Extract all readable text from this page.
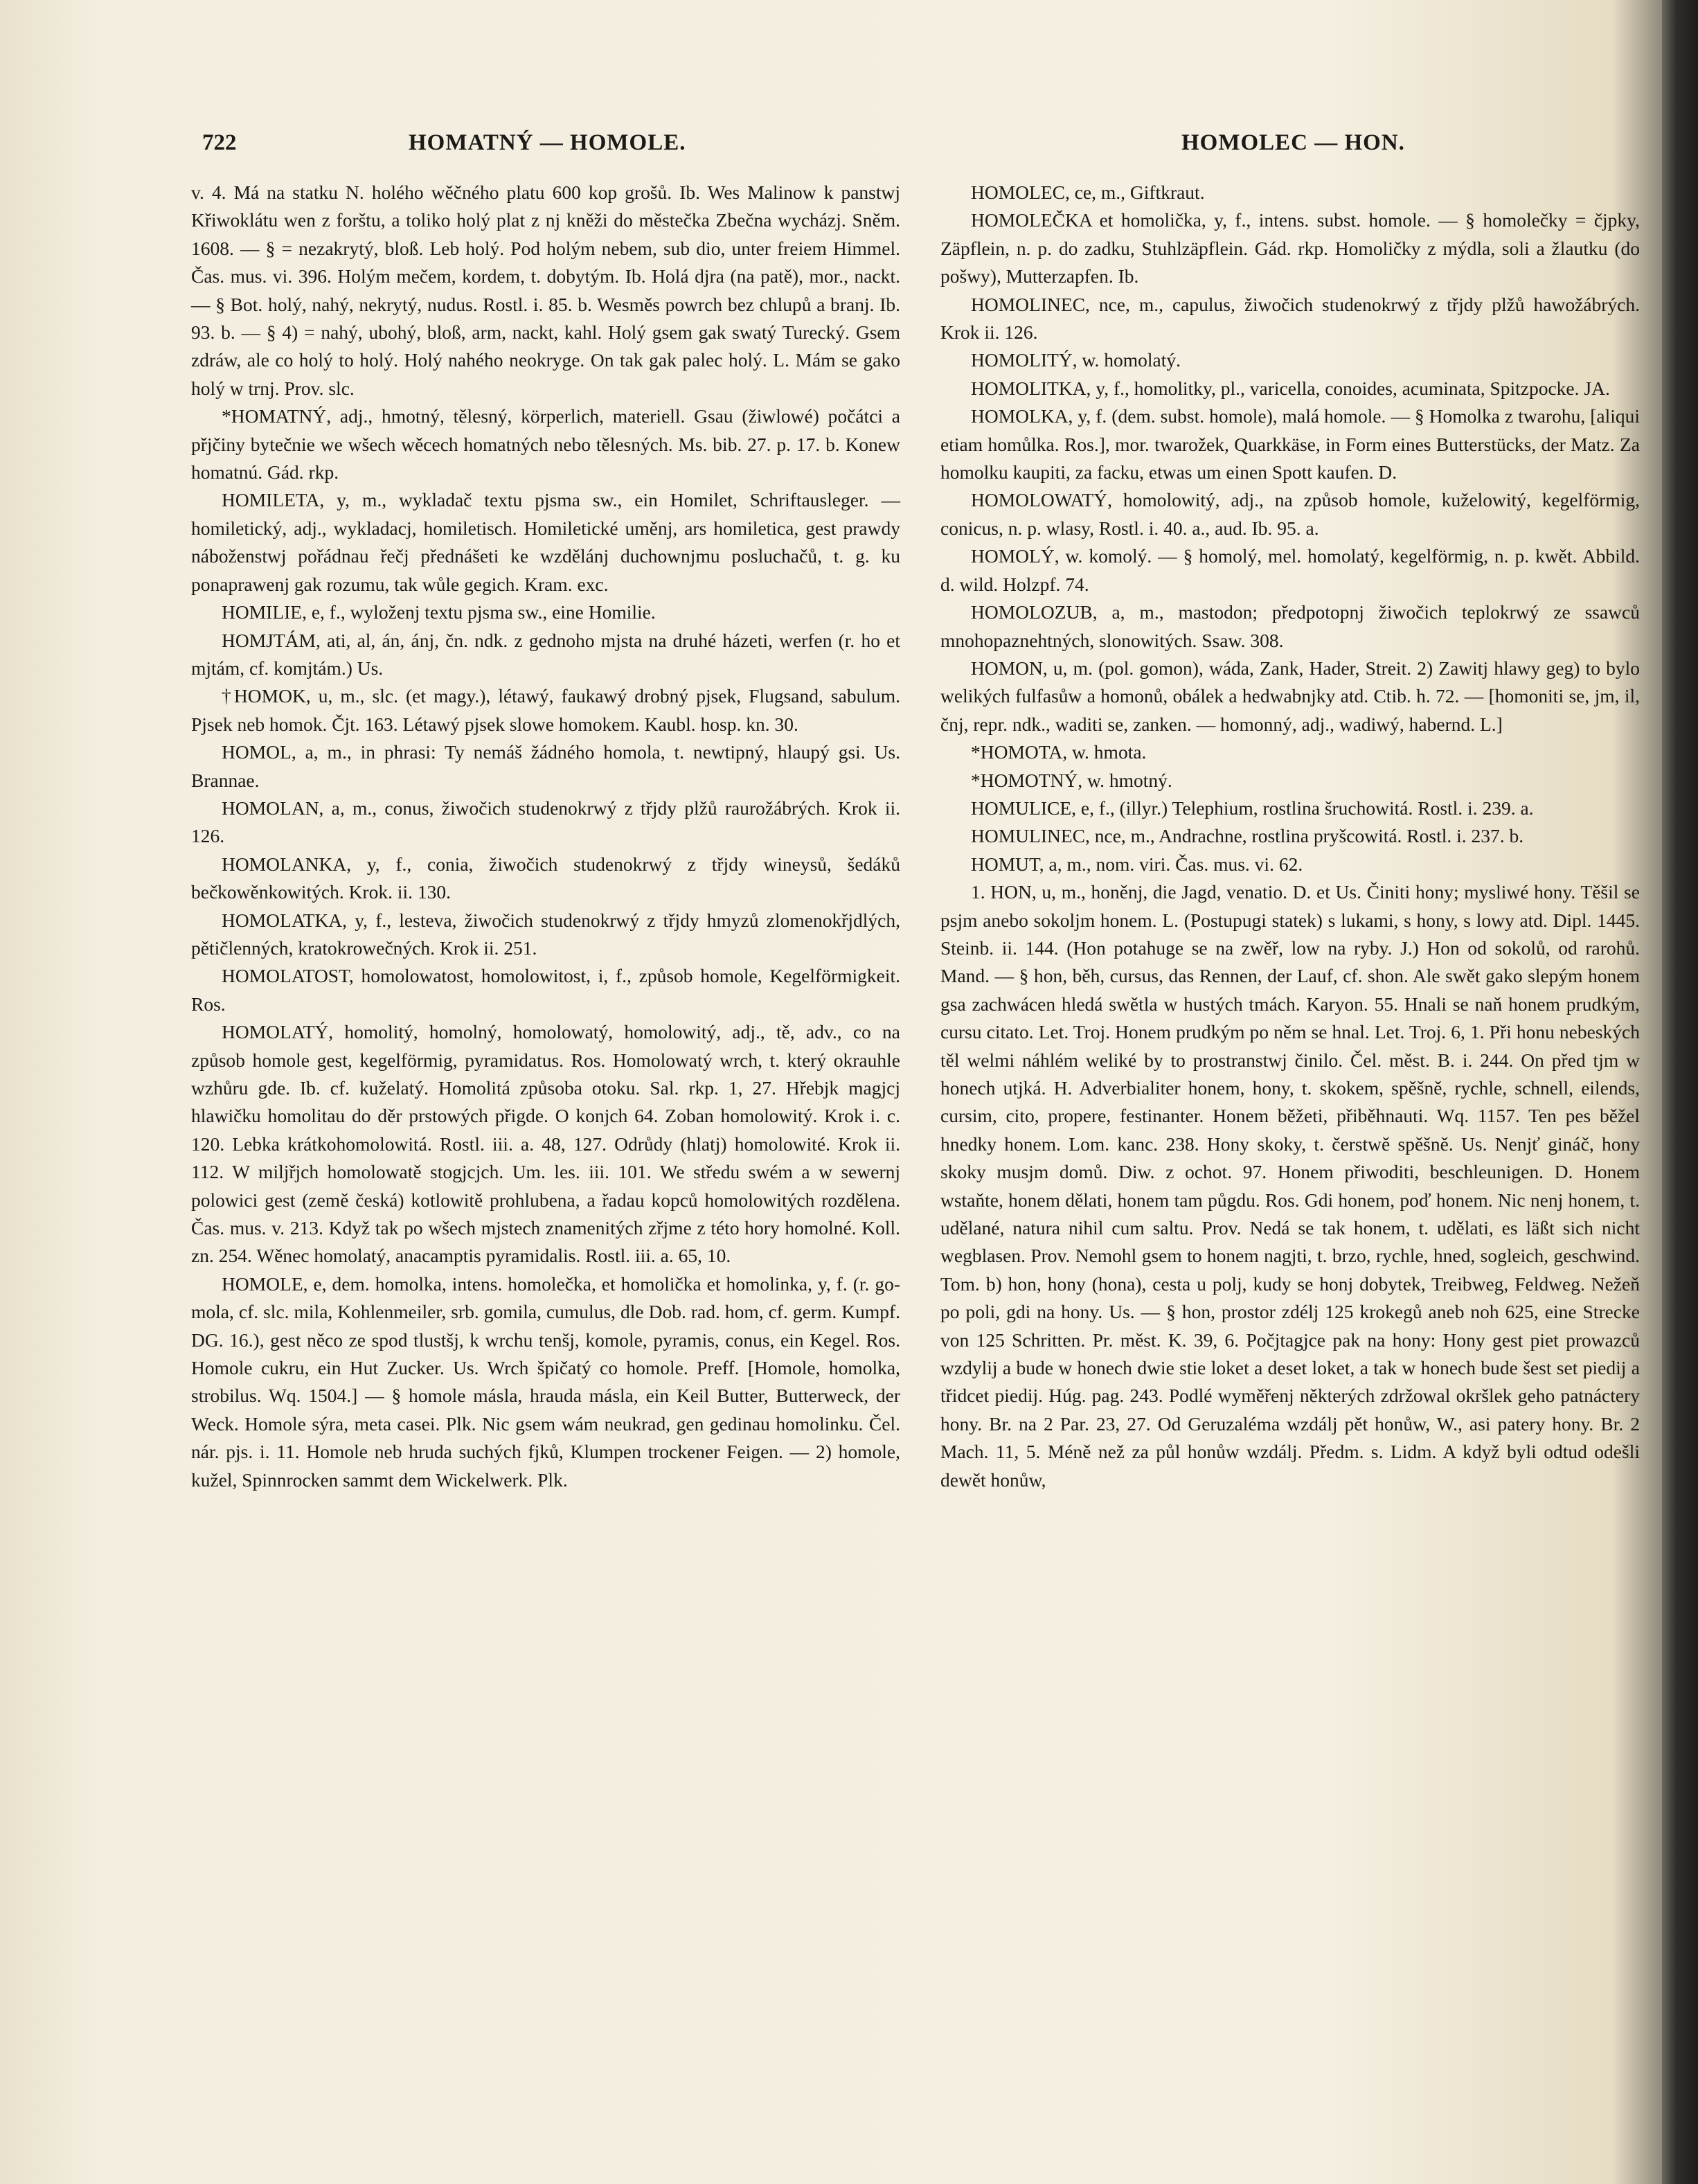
722	HOMATNÝ — HOMOLE.	HOMOLEC — HON.

v. 4. Má na statku N. holého wěčného platu 600 kop grošů. Ib. Wes Malinow k panstwj Křiwoklátu wen z forštu, a toliko holý plat z nj kněži do městečka Zbečna wycházj. Sněm. 1608. — § = nezakrytý, bloß. Leb holý. Pod holým nebem, sub dio, unter freiem Himmel. Čas. mus. vi. 396. Holým mečem, kordem, t. dobytým. Ib. Holá djra (na patě), mor., nackt. — § Bot. holý, nahý, nekrytý, nudus. Rostl. i. 85. b. Wesměs powrch bez chlupů a branj. Ib. 93. b. — § 4) = nahý, ubohý, bloß, arm, nackt, kahl. Holý gsem gak swatý Turecký. Gsem zdráw, ale co holý to holý. Holý nahého neokryge. On tak gak palec holý. L. Mám se gako holý w trnj. Prov. slc.

*HOMATNÝ, adj., hmotný, tělesný, körperlich, materiell. Gsau (žiwlowé) počátci a přjčiny bytečnie we wšech wěcech homatných nebo tělesných. Ms. bib. 27. p. 17. b. Konew homatnú. Gád. rkp.

HOMILETA, y, m., wykladač textu pjsma sw., ein Homilet, Schriftausleger. — homiletický, adj., wykladacj, homiletisch. Homiletické uměnj, ars homiletica, gest prawdy náboženstwj pořádnau řečj přednášeti ke wzdělánj duchownjmu posluchačů, t. g. ku ponaprawenj gak rozumu, tak wůle gegich. Kram. exc.

HOMILIE, e, f., wyloženj textu pjsma sw., eine Homilie.

HOMJTÁM, ati, al, án, ánj, čn. ndk. z gednoho mjsta na druhé házeti, werfen (r. ho et mjtám, cf. komjtám.) Us.

†HOMOK, u, m., slc. (et magy.), létawý, faukawý drobný pjsek, Flugsand, sabulum. Pjsek neb homok. Čjt. 163. Létawý pjsek slowe homokem. Kaubl. hosp. kn. 30.

HOMOL, a, m., in phrasi: Ty nemáš žádného homola, t. newtipný, hlaupý gsi. Us. Brannae.

HOMOLAN, a, m., conus, žiwočich studenokrwý z třjdy plžů raurožábrých. Krok ii. 126.

HOMOLANKA, y, f., conia, žiwočich studenokrwý z třjdy wineysů, šedáků bečkowěnkowitých. Krok. ii. 130.

HOMOLATKA, y, f., lesteva, žiwočich studenokrwý z třjdy hmyzů zlomenokřjdlých, pětičlenných, kratokrowečných. Krok ii. 251.

HOMOLATOST, homolowatost, homolowitost, i, f., způsob homole, Kegelförmigkeit. Ros.

HOMOLATÝ, homolitý, homolný, homolowatý, homolowitý, adj., tě, adv., co na způsob homole gest, kegelförmig, pyramidatus. Ros. Homolowatý wrch, t. který okrauhle wzhůru gde. Ib. cf. kuželatý. Homolitá způsoba otoku. Sal. rkp. 1, 27. Hřebjk magjcj hlawičku homolitau do děr prstowých přigde. O konjch 64. Zoban homolowitý. Krok i. c. 120. Lebka krátkohomolowitá. Rostl. iii. a. 48, 127. Odrůdy (hlatj) homolowité. Krok ii. 112. W miljřjch homolowatě stogjcjch. Um. les. iii. 101. We středu swém a w sewernj polowici gest (země česká) kotlowitě prohlubena, a řadau kopců homolowitých rozdělena. Čas. mus. v. 213. Když tak po wšech mjstech znamenitých zřjme z této hory homolné. Koll. zn. 254. Wěnec homolatý, anacamptis pyramidalis. Rostl. iii. a. 65, 10.

HOMOLE, e, dem. homolka, intens. homolečka, et homolička et homolinka, y, f. (r. go-mola, cf. slc. mila, Kohlenmeiler, srb. gomila, cumulus, dle Dob. rad. hom, cf. germ. Kumpf. DG. 16.), gest něco ze spod tlustšj, k wrchu tenšj, komole, pyramis, conus, ein Kegel. Ros. Homole cukru, ein Hut Zucker. Us. Wrch špičatý co homole. Preff. [Homole, homolka, strobilus. Wq. 1504.] — § homole másla, hrauda másla, ein Keil Butter, Butterweck, der Weck. Homole sýra, meta casei. Plk. Nic gsem wám neukrad, gen gedinau homolinku. Čel. nár. pjs. i. 11. Homole neb hruda suchých fjků, Klumpen trockener Feigen. — 2) homole, kužel, Spinnrocken sammt dem Wickelwerk. Plk.

HOMOLEC, ce, m., Giftkraut.

HOMOLEČKA et homolička, y, f., intens. subst. homole. — § homolečky = čjpky, Zäpflein, n. p. do zadku, Stuhlzäpflein. Gád. rkp. Homoličky z mýdla, soli a žlautku (do pošwy), Mutterzapfen. Ib.

HOMOLINEC, nce, m., capulus, žiwočich studenokrwý z třjdy plžů hawožábrých. Krok ii. 126.

HOMOLITÝ, w. homolatý.

HOMOLITKA, y, f., homolitky, pl., varicella, conoides, acuminata, Spitzpocke. JA.

HOMOLKA, y, f. (dem. subst. homole), malá homole. — § Homolka z twarohu, [aliqui etiam homůlka. Ros.], mor. twarožek, Quarkkäse, in Form eines Butterstücks, der Matz. Za homolku kaupiti, za facku, etwas um einen Spott kaufen. D.

HOMOLOWATÝ, homolowitý, adj., na způsob homole, kuželowitý, kegelförmig, conicus, n. p. wlasy, Rostl. i. 40. a., aud. Ib. 95. a.

HOMOLÝ, w. komolý. — § homolý, mel. homolatý, kegelförmig, n. p. kwět. Abbild. d. wild. Holzpf. 74.

HOMOLOZUB, a, m., mastodon; předpotopnj žiwočich teplokrwý ze ssawců mnohopaznehtných, slonowitých. Ssaw. 308.

HOMON, u, m. (pol. gomon), wáda, Zank, Hader, Streit. 2) Zawitj hlawy geg) to bylo welikých fulfasůw a homonů, obálek a hedwabnjky atd. Ctib. h. 72. — [homoniti se, jm, il, čnj, repr. ndk., waditi se, zanken. — homonný, adj., wadiwý, habernd. L.]

*HOMOTA, w. hmota.

*HOMOTNÝ, w. hmotný.

HOMULICE, e, f., (illyr.) Telephium, rostlina šruchowitá. Rostl. i. 239. a.

HOMULINEC, nce, m., Andrachne, rostlina pryšcowitá. Rostl. i. 237. b.

HOMUT, a, m., nom. viri. Čas. mus. vi. 62.

1. HON, u, m., honěnj, die Jagd, venatio. D. et Us. Činiti hony; mysliwé hony. Těšil se psjm anebo sokoljm honem. L. (Postupugi statek) s lukami, s hony, s lowy atd. Dipl. 1445. Steinb. ii. 144. (Hon potahuge se na zwěř, low na ryby. J.) Hon od sokolů, od rarohů. Mand. — § hon, běh, cursus, das Rennen, der Lauf, cf. shon. Ale swět gako slepým honem gsa zachwácen hledá swětla w hustých tmách. Karyon. 55. Hnali se naň honem prudkým, cursu citato. Let. Troj. Honem prudkým po něm se hnal. Let. Troj. 6, 1. Při honu nebeských těl welmi náhlém weliké by to prostranstwj činilo. Čel. měst. B. i. 244. On před tjm w honech utjká. H. Adverbialiter honem, hony, t. skokem, spěšně, rychle, schnell, eilends, cursim, cito, propere, festinanter. Honem běžeti, přiběhnauti. Wq. 1157. Ten pes běžel hnedky honem. Lom. kanc. 238. Hony skoky, t. čerstwě spěšně. Us. Nenjť gináč, hony skoky musjm domů. Diw. z ochot. 97. Honem přiwoditi, beschleunigen. D. Honem wstaňte, honem dělati, honem tam půgdu. Ros. Gdi honem, poď honem. Nic nenj honem, t. udělané, natura nihil cum saltu. Prov. Nedá se tak honem, t. udělati, es läßt sich nicht wegblasen. Prov. Nemohl gsem to honem nagjti, t. brzo, rychle, hned, sogleich, geschwind. Tom. b) hon, hony (hona), cesta u polj, kudy se honj dobytek, Treibweg, Feldweg. Nežeň po poli, gdi na hony. Us. — § hon, prostor zdélj 125 krokegů aneb noh 625, eine Strecke von 125 Schritten. Pr. měst. K. 39, 6. Počjtagjce pak na hony: Hony gest piet prowazců wzdylij a bude w honech dwie stie loket a deset loket, a tak w honech bude šest set piedij a třidcet piedij. Húg. pag. 243. Podlé wyměřenj některých zdržowal okršlek geho patnáctery hony. Br. na 2 Par. 23, 27. Od Geruzaléma wzdálj pět honůw, W., asi patery hony. Br. 2 Mach. 11, 5. Méně než za půl honůw wzdálj. Předm. s. Lidm. A když byli odtud odešli dewět honůw,
